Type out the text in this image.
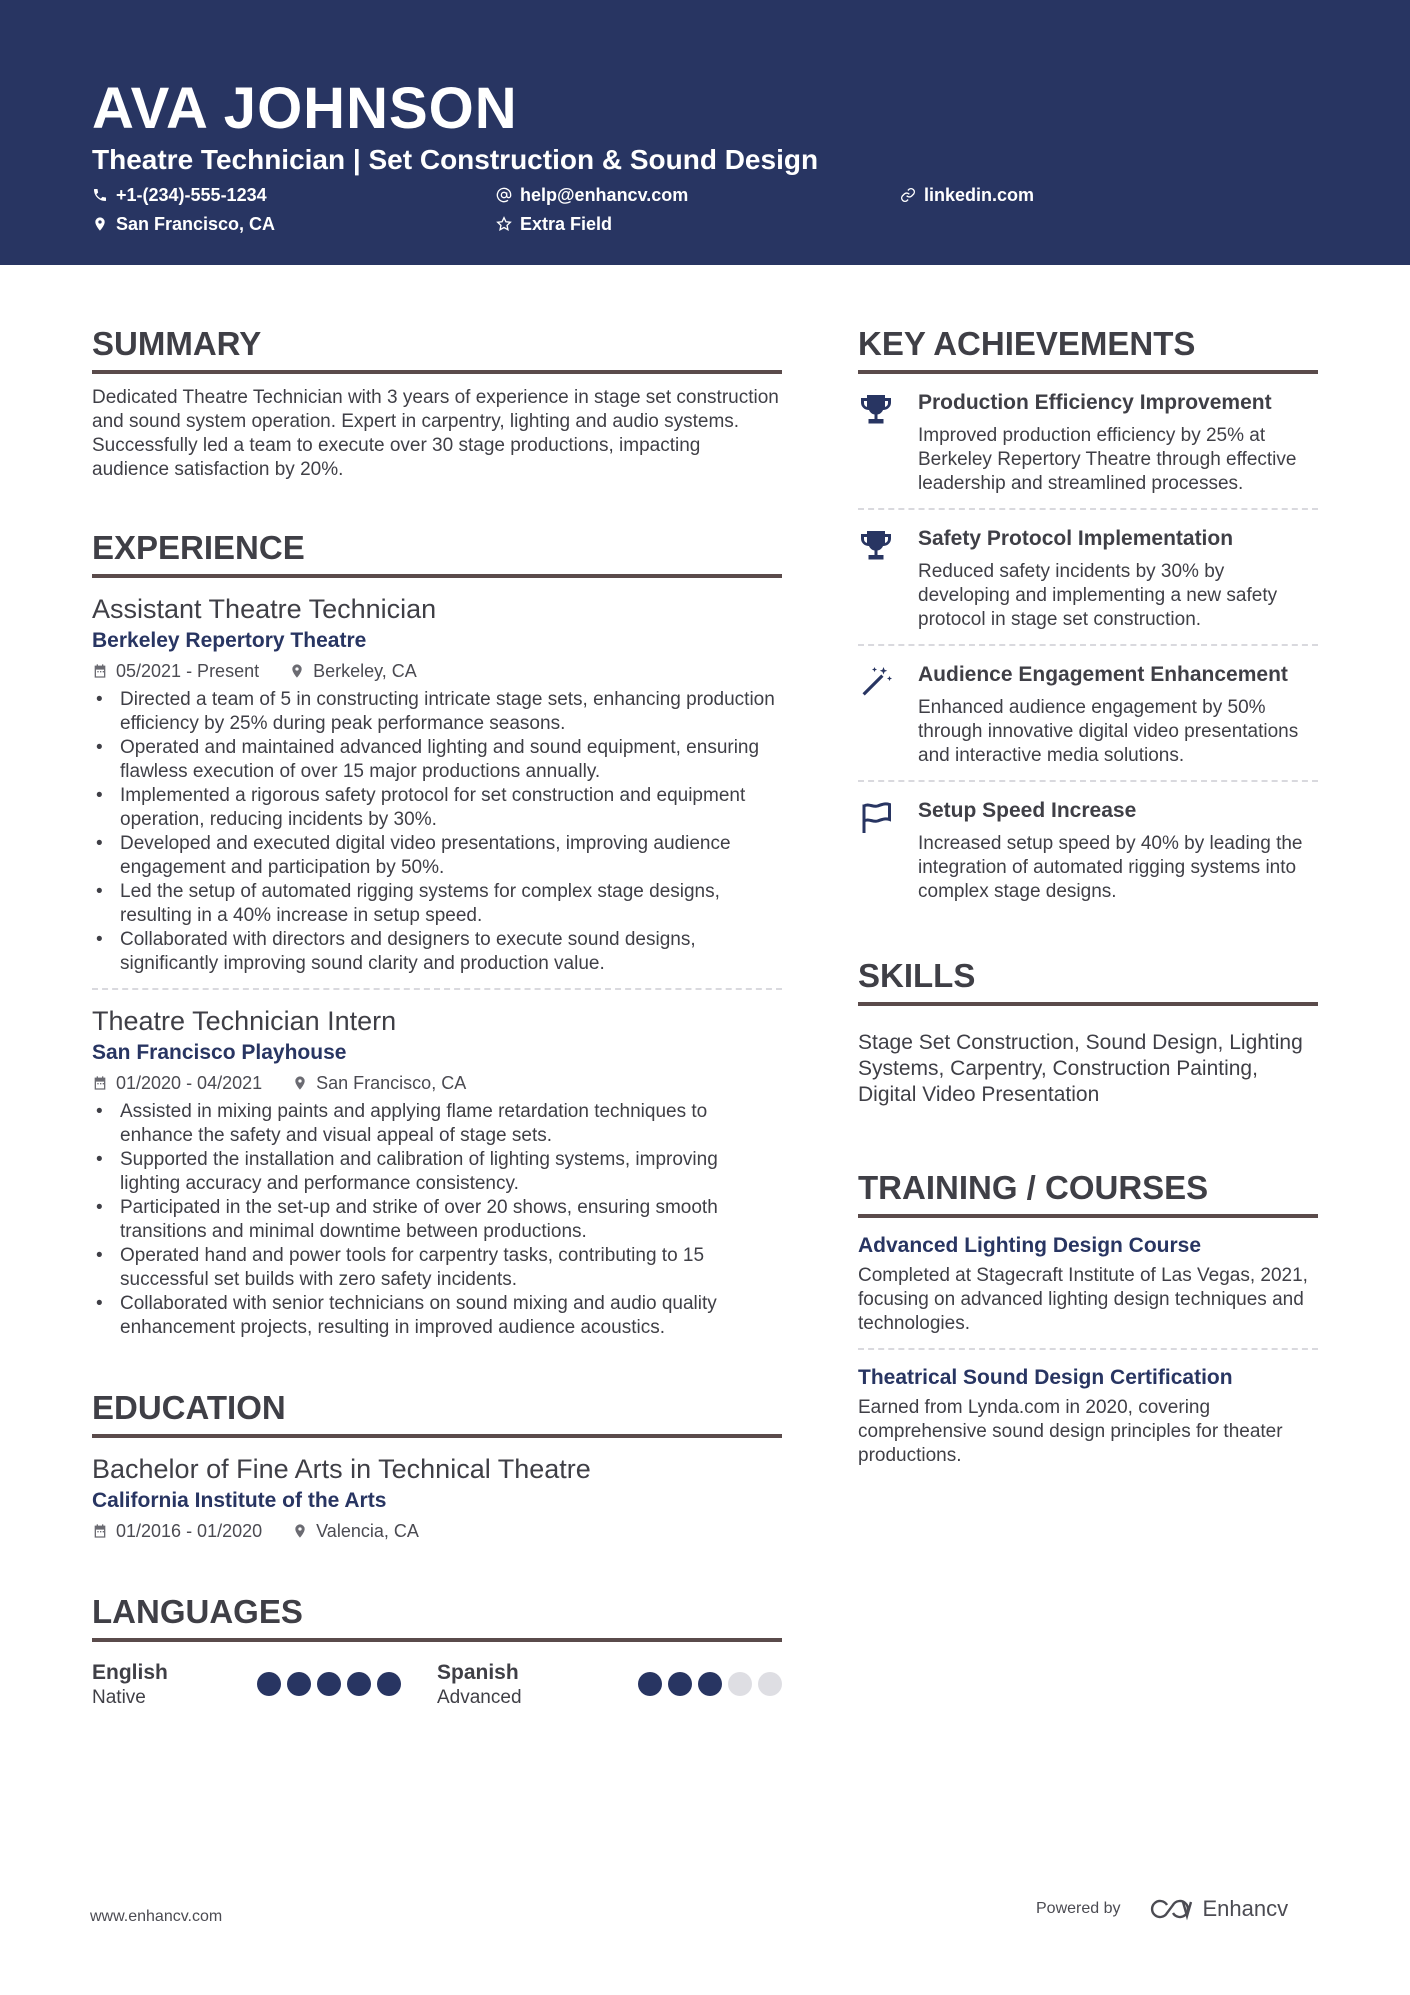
AVA JOHNSON

Theatre Technician | Set Construction & Sound Design

+1-(234)-555-1234	help@enhancv.com	linkedin.com
San Francisco, CA	Extra Field
SUMMARY

Dedicated Theatre Technician with 3 years of experience in stage set construction and sound system operation. Expert in carpentry, lighting and audio systems. Successfully led a team to execute over 30 stage productions, impacting audience satisfaction by 20%.

EXPERIENCE

Assistant Theatre Technician

Berkeley Repertory Theatre

05/2021 - Present	Berkeley, CA
• Directed a team of 5 in constructing intricate stage sets, enhancing production efficiency by 25% during peak performance seasons.
• Operated and maintained advanced lighting and sound equipment, ensuring flawless execution of over 15 major productions annually.
• Implemented a rigorous safety protocol for set construction and equipment operation, reducing incidents by 30%.
• Developed and executed digital video presentations, improving audience engagement and participation by 50%.
• Led the setup of automated rigging systems for complex stage designs, resulting in a 40% increase in setup speed.
• Collaborated with directors and designers to execute sound designs, significantly improving sound clarity and production value.

Theatre Technician Intern

San Francisco Playhouse

01/2020 - 04/2021	San Francisco, CA
• Assisted in mixing paints and applying flame retardation techniques to enhance the safety and visual appeal of stage sets.
• Supported the installation and calibration of lighting systems, improving lighting accuracy and performance consistency.
• Participated in the set-up and strike of over 20 shows, ensuring smooth transitions and minimal downtime between productions.
• Operated hand and power tools for carpentry tasks, contributing to 15 successful set builds with zero safety incidents.
• Collaborated with senior technicians on sound mixing and audio quality enhancement projects, resulting in improved audience acoustics.
EDUCATION

Bachelor of Fine Arts in Technical Theatre

California Institute of the Arts

01/2016 - 01/2020	Valencia, CA
LANGUAGES
English
Native
Spanish
Advanced
KEY ACHIEVEMENTS

Production Efficiency Improvement

Improved production efficiency by 25% at Berkeley Repertory Theatre through effective leadership and streamlined processes.

Safety Protocol Implementation

Reduced safety incidents by 30% by developing and implementing a new safety protocol in stage set construction.

Audience Engagement Enhancement

Enhanced audience engagement by 50% through innovative digital video presentations and interactive media solutions.

Setup Speed Increase

Increased setup speed by 40% by leading the integration of automated rigging systems into complex stage designs.

SKILLS

Stage Set Construction, Sound Design, Lighting Systems, Carpentry, Construction Painting, Digital Video Presentation

TRAINING / COURSES

Advanced Lighting Design Course

Completed at Stagecraft Institute of Las Vegas, 2021, focusing on advanced lighting design techniques and technologies.

Theatrical Sound Design Certification

Earned from Lynda.com in 2020, covering comprehensive sound design principles for theater productions.

www.enhancv.com	Powered by	Enhancv
